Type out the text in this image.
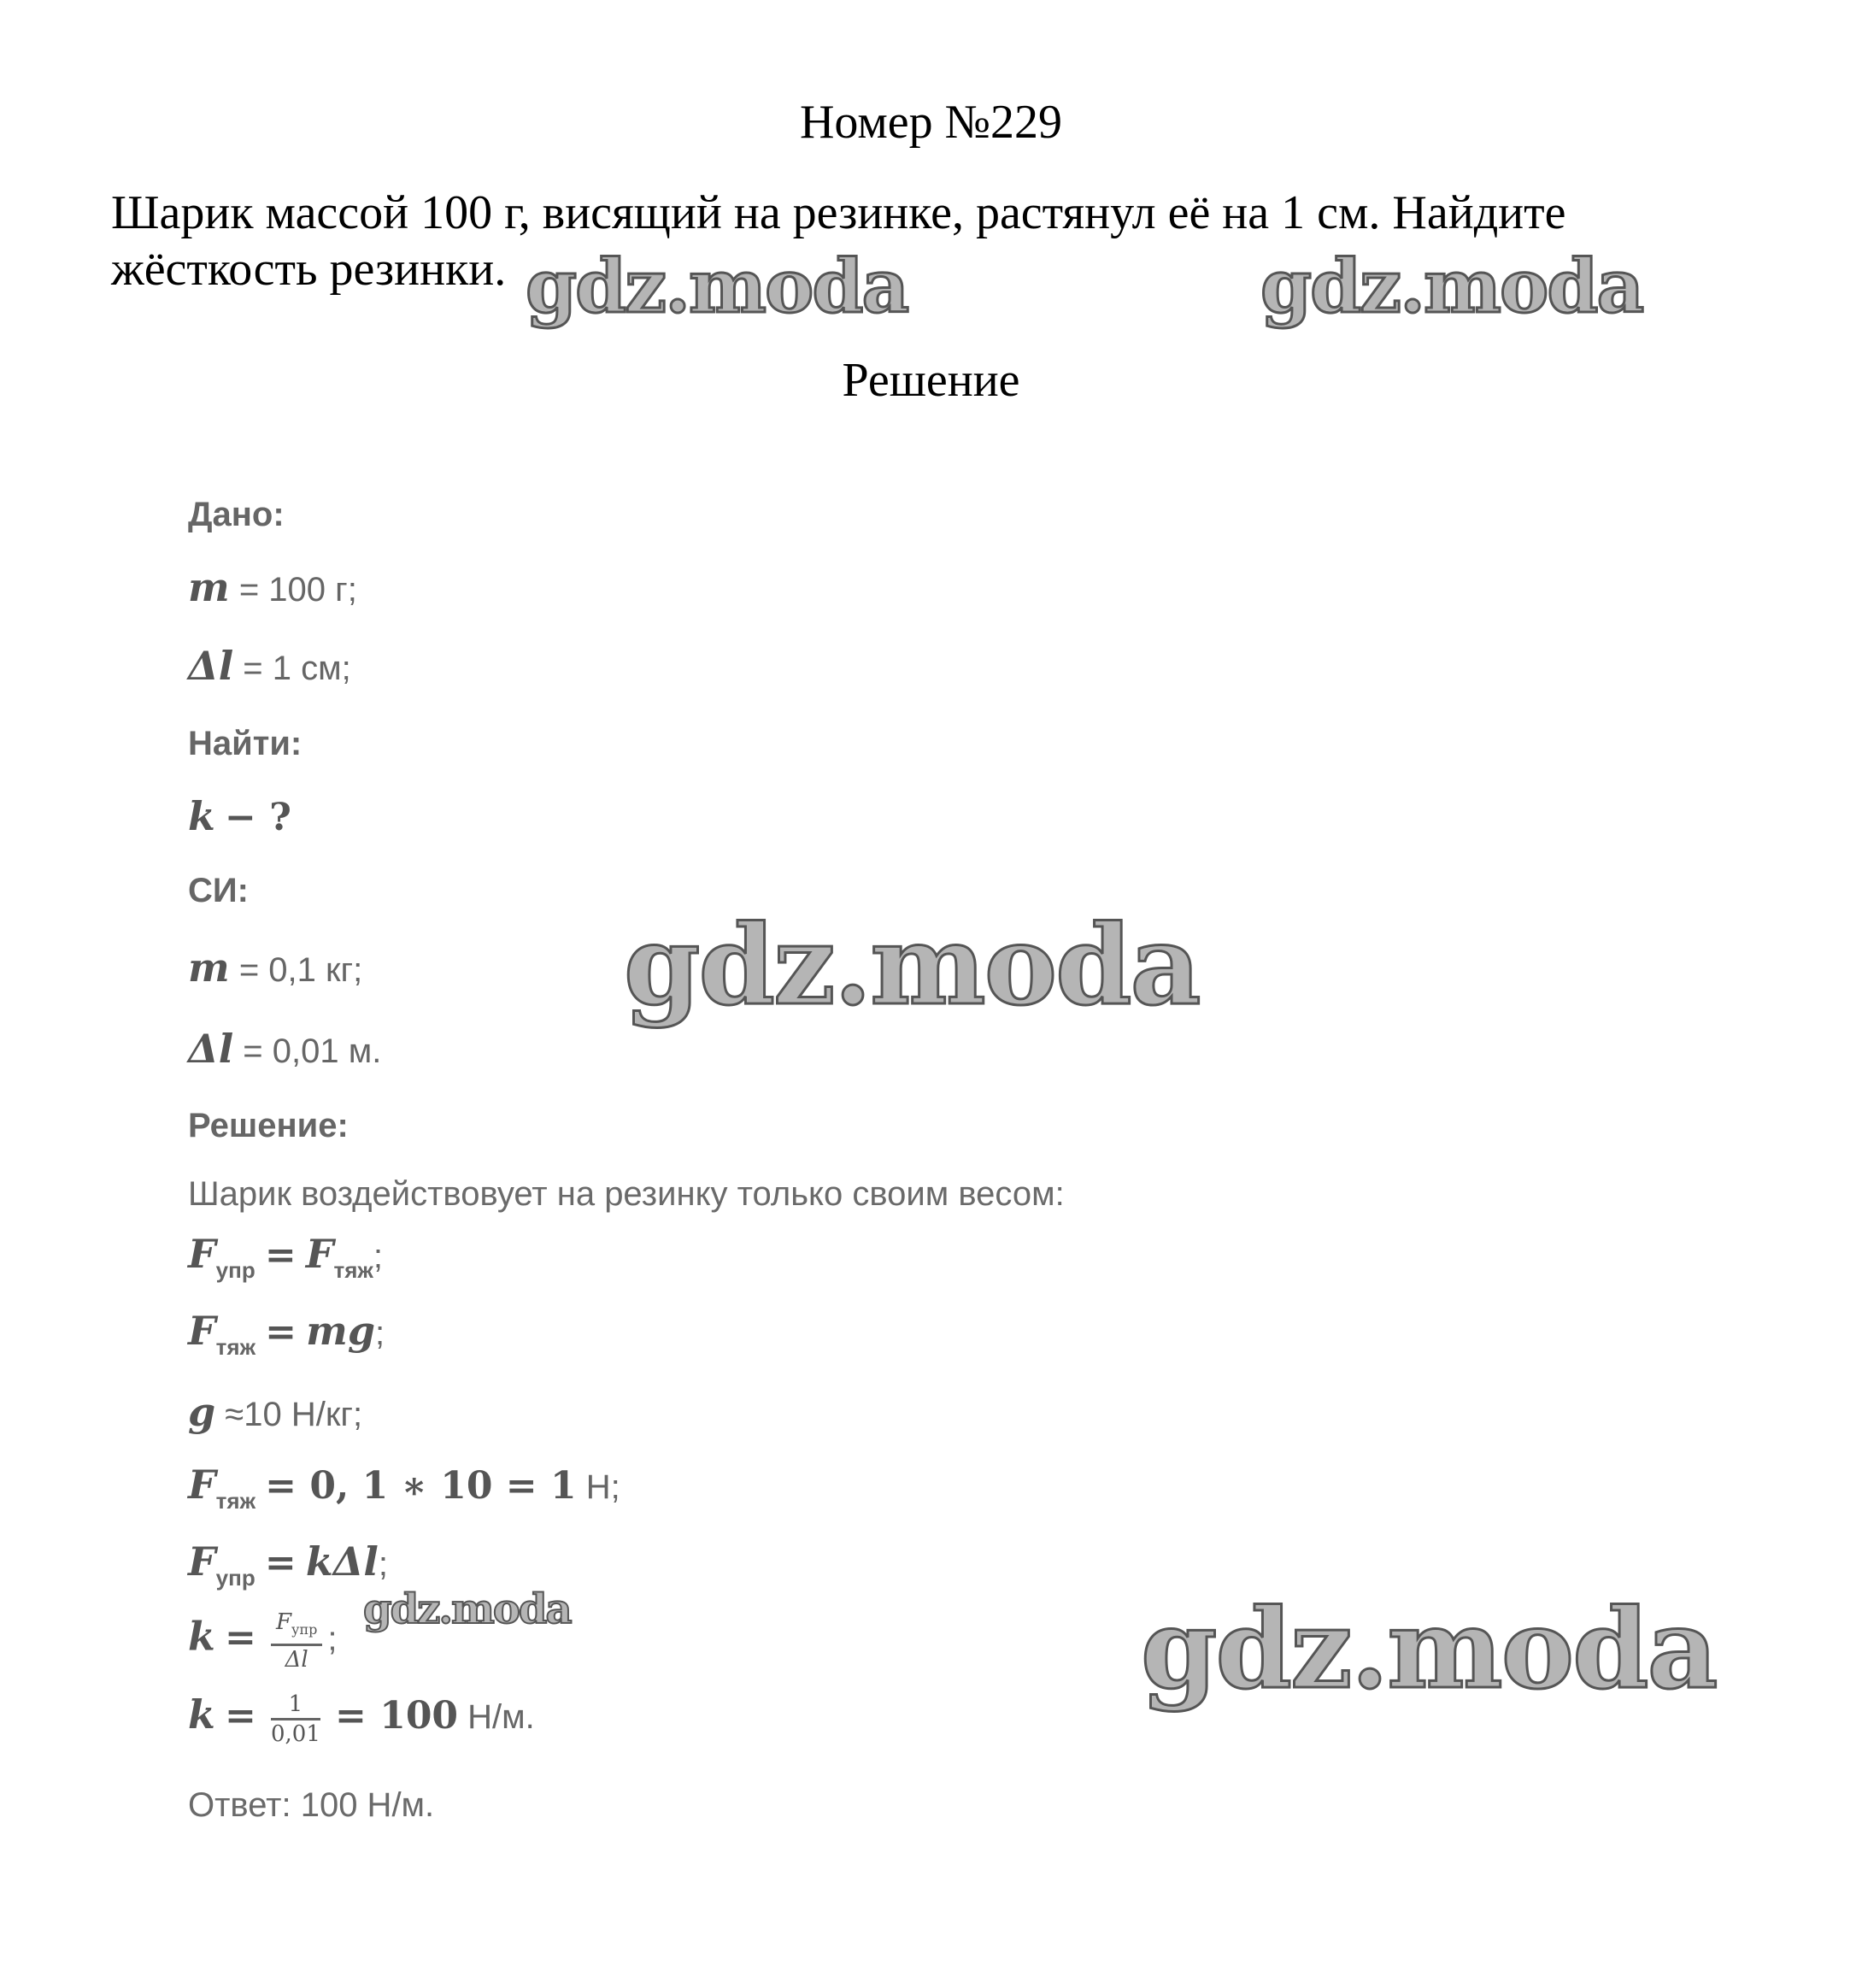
Номер №229
Шарик массой 100 г, висящий на резинке, растянул её на 1 см. Найдите
жёсткость резинки.
Решение
Дано:
m = 100 г;
Δl = 1 см;
Найти:
k − ?
СИ:
m = 0,1 кг;
Δl = 0,01 м.
Решение:
Шарик воздействовует на резинку только своим весом:
$F_{упр} = F_{тяж}$;
$F_{тяж}$ = mg;
g ≈10 Н/кг;
$F_{тяж} = 0$, 1 ∗ 10 = 1 Н;
$F_{упр} = k\Delta l$;
$k = \frac{F_{упр}}{\Delta l}$ ;
$k = \frac{1}{0,01} = 100$ Н/м.
Ответ: 100 Н/м.
gdz.moda	gdz.moda
gdz.moda
gdz.moda	gdz.moda
